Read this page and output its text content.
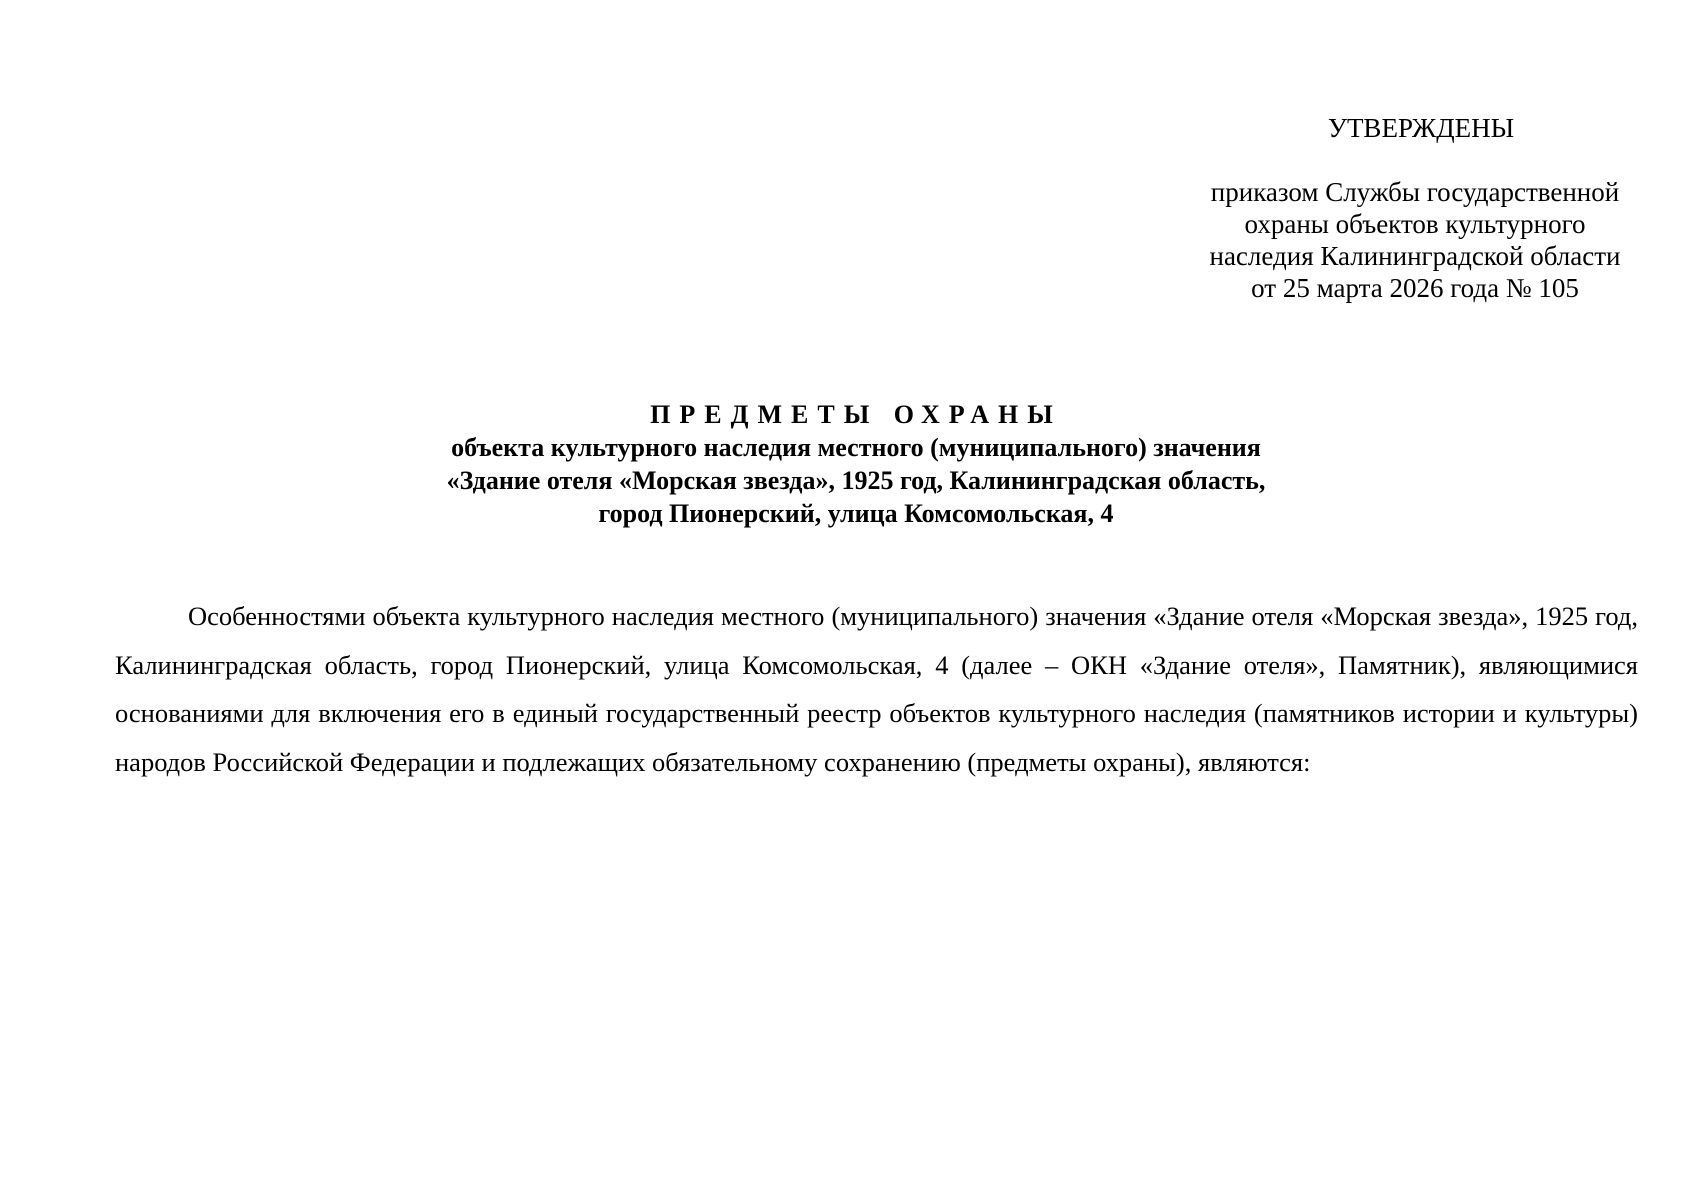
УТВЕРЖДЕНЫ

приказом Службы государственной

охраны объектов культурного

наследия Калининградской области

от 25 марта 2026 года № 105

ПРЕДМЕТЫ ОХРАНЫ

объекта культурного наследия местного (муниципального) значения

«Здание отеля «Морская звезда», 1925 год, Калининградская область,

город Пионерский, улица Комсомольская, 4

Особенностями объекта культурного наследия местного (муниципального) значения «Здание отеля «Морская звезда», 1925 год, Калининградская область, город Пионерский, улица Комсомольская, 4 (далее – ОКН «Здание отеля», Памятник), являющимися основаниями для включения его в единый государственный реестр объектов культурного наследия (памятников истории и культуры) народов Российской Федерации и подлежащих обязательному сохранению (предметы охраны), являются:
